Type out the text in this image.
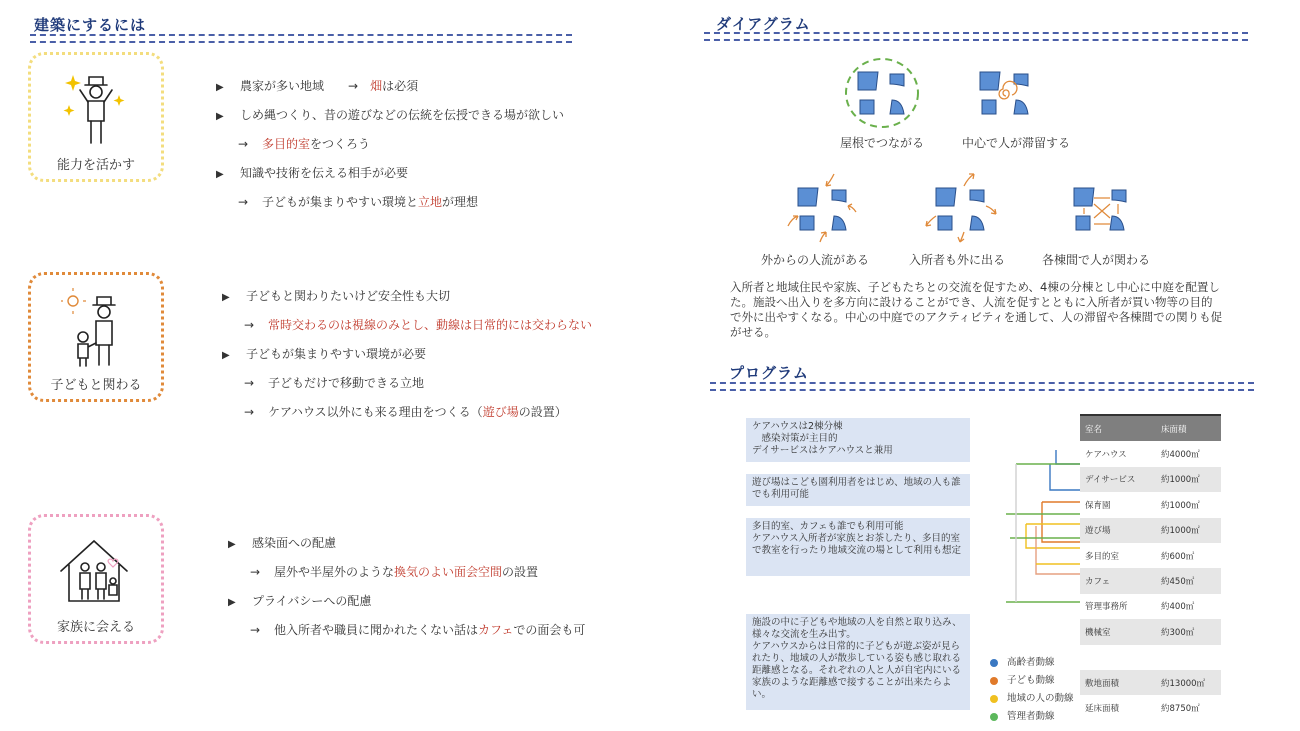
建築にするには
能力を活かす
▶ 農家が多い地域　　→　畑は必須
▶ しめ縄つくり、昔の遊びなどの伝統を伝授できる場が欲しい
→ 多目的室をつくろう
▶ 知識や技術を伝える相手が必要
→ 子どもが集まりやすい環境と立地が理想
子どもと関わる
▶ 子どもと関わりたいけど安全性も大切
→ 常時交わるのは視線のみとし、動線は日常的には交わらない
▶ 子どもが集まりやすい環境が必要
→ 子どもだけで移動できる立地
→ ケアハウス以外にも来る理由をつくる（遊び場の設置）
家族に会える
▶ 感染面への配慮
→ 屋外や半屋外のような換気のよい面会空間の設置
▶ プライバシーへの配慮
→ 他入所者や職員に聞かれたくない話はカフェでの面会も可
ダイアグラム
屋根でつながる	中心で人が滞留する
外からの人流がある	入所者も外に出る	各棟間で人が関わる
入所者と地域住民や家族、子どもたちとの交流を促すため、4棟の分棟とし中心に中庭を配置した。施設へ出入りを多方向に設けることができ、人流を促すとともに入所者が買い物等の目的で外に出やすくなる。中心の中庭でのアクティビティを通して、人の滞留や各棟間での関りも促がせる。
プログラム
ケアハウスは2棟分棟
　感染対策が主目的
デイサービスはケアハウスと兼用
遊び場はこども園利用者をはじめ、地域の人も誰でも利用可能
多目的室、カフェも誰でも利用可能
ケアハウス入所者が家族とお茶したり、多目的室で教室を行ったり地域交流の場として利用も想定
施設の中に子どもや地域の人を自然と取り込み、様々な交流を生み出す。
ケアハウスからは日常的に子どもが遊ぶ姿が見られたり、地域の人が散歩している姿も感じ取れる距離感となる。それぞれの人と人が自宅内にいる家族のような距離感で接することが出来たらよい。
室名	床面積
ケアハウス	約4000㎡
デイサービス	約1000㎡
保育園	約1000㎡
遊び場	約1000㎡
多目的室	約600㎡
カフェ	約450㎡
管理事務所	約400㎡
機械室	約300㎡

敷地面積	約13000㎡
延床面積	約8750㎡
高齢者動線
子ども動線
地域の人の動線
管理者動線
